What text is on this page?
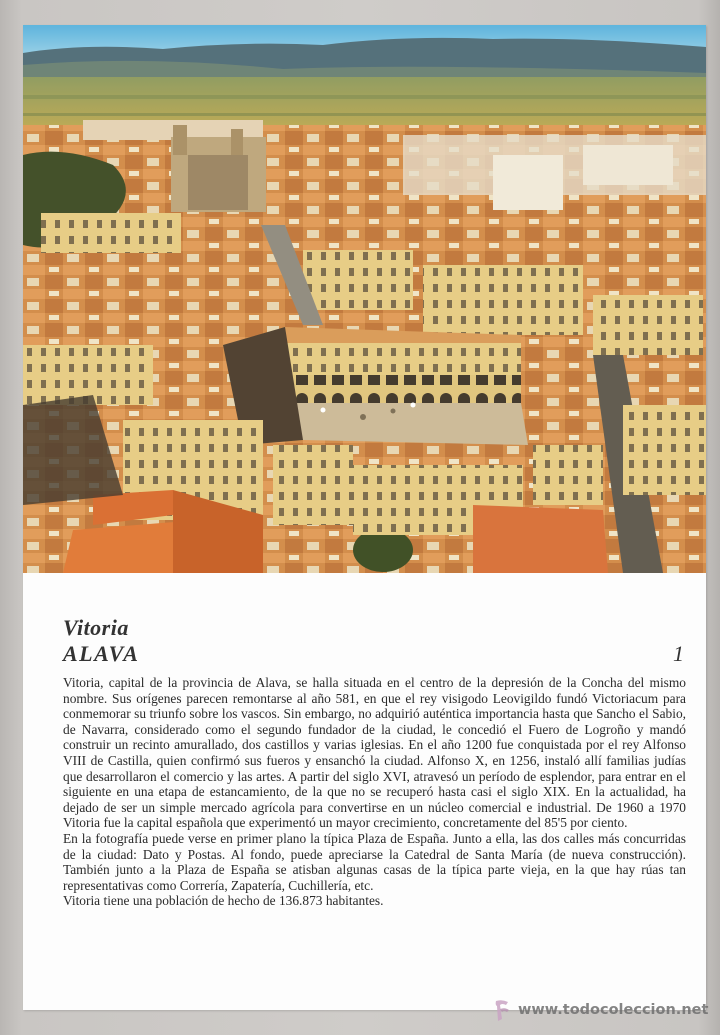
Vitoria
ALAVA	1

Vitoria, capital de la provincia de Alava, se halla situada en el centro de la depresión de la Concha del mismo nombre. Sus orígenes parecen remontarse al año 581, en que el rey visigodo Leovigildo fundó Victoriacum para conmemorar su triunfo sobre los vascos. Sin embargo, no adquirió auténtica importancia hasta que Sancho el Sabio, de Navarra, considerado como el segundo fundador de la ciudad, le concedió el Fuero de Logroño y mandó construir un recinto amurallado, dos castillos y varias iglesias. En el año 1200 fue conquistada por el rey Alfonso VIII de Castilla, quien confirmó sus fueros y ensanchó la ciudad. Alfonso X, en 1256, instaló allí familias judías que desarrollaron el comercio y las artes. A partir del siglo XVI, atravesó un período de esplendor, para entrar en el siguiente en una etapa de estancamiento, de la que no se recuperó hasta casi el siglo XIX. En la actualidad, ha dejado de ser un simple mercado agrícola para convertirse en un núcleo comercial e industrial. De 1960 a 1970 Vitoria fue la capital española que experimentó un mayor crecimiento, concretamente del 85'5 por ciento.

En la fotografía puede verse en primer plano la típica Plaza de España. Junto a ella, las dos calles más concurridas de la ciudad: Dato y Postas. Al fondo, puede apreciarse la Catedral de Santa María (de nueva construcción). También junto a la Plaza de España se atisban algunas casas de la típica parte vieja, en la que hay rúas tan representativas como Correría, Zapatería, Cuchillería, etc.

Vitoria tiene una población de hecho de 136.873 habitantes.

www.todocoleccion.net
